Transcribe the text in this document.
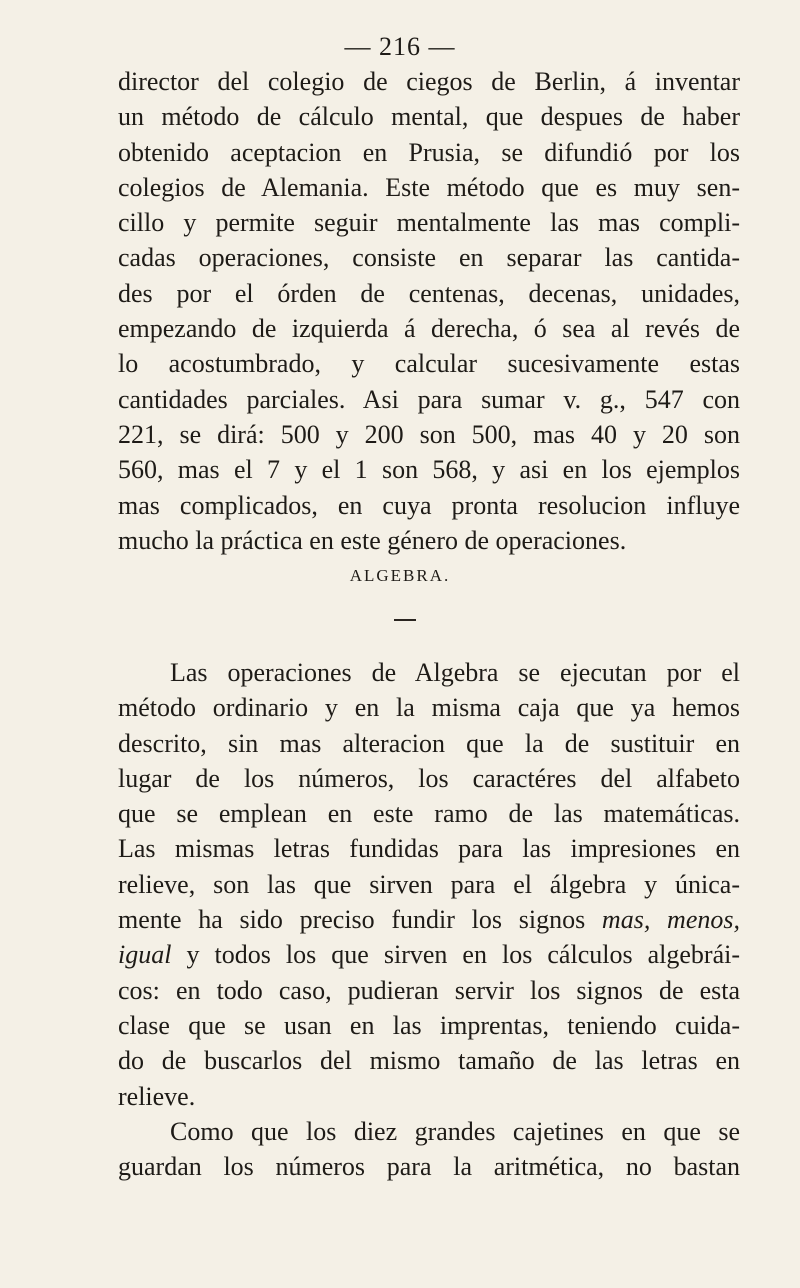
— 216 —
director del colegio de ciegos de Berlin, á inventar
un método de cálculo mental, que despues de haber
obtenido aceptacion en Prusia, se difundió por los
colegios de Alemania. Este método que es muy sen-
cillo y permite seguir mentalmente las mas compli-
cadas operaciones, consiste en separar las cantida-
des por el órden de centenas, decenas, unidades,
empezando de izquierda á derecha, ó sea al revés de
lo acostumbrado, y calcular sucesivamente estas
cantidades parciales. Asi para sumar v. g., 547 con
221, se dirá: 500 y 200 son 500, mas 40 y 20 son
560, mas el 7 y el 1 son 568, y asi en los ejemplos
mas complicados, en cuya pronta resolucion influye
mucho la práctica en este género de operaciones.
ALGEBRA.
Las operaciones de Algebra se ejecutan por el
método ordinario y en la misma caja que ya hemos
descrito, sin mas alteracion que la de sustituir en
lugar de los números, los caractéres del alfabeto
que se emplean en este ramo de las matemáticas.
Las mismas letras fundidas para las impresiones en
relieve, son las que sirven para el álgebra y única-
mente ha sido preciso fundir los signos mas, menos,
igual y todos los que sirven en los cálculos algebrái-
cos: en todo caso, pudieran servir los signos de esta
clase que se usan en las imprentas, teniendo cuida-
do de buscarlos del mismo tamaño de las letras en
relieve.
Como que los diez grandes cajetines en que se
guardan los números para la aritmética, no bastan
